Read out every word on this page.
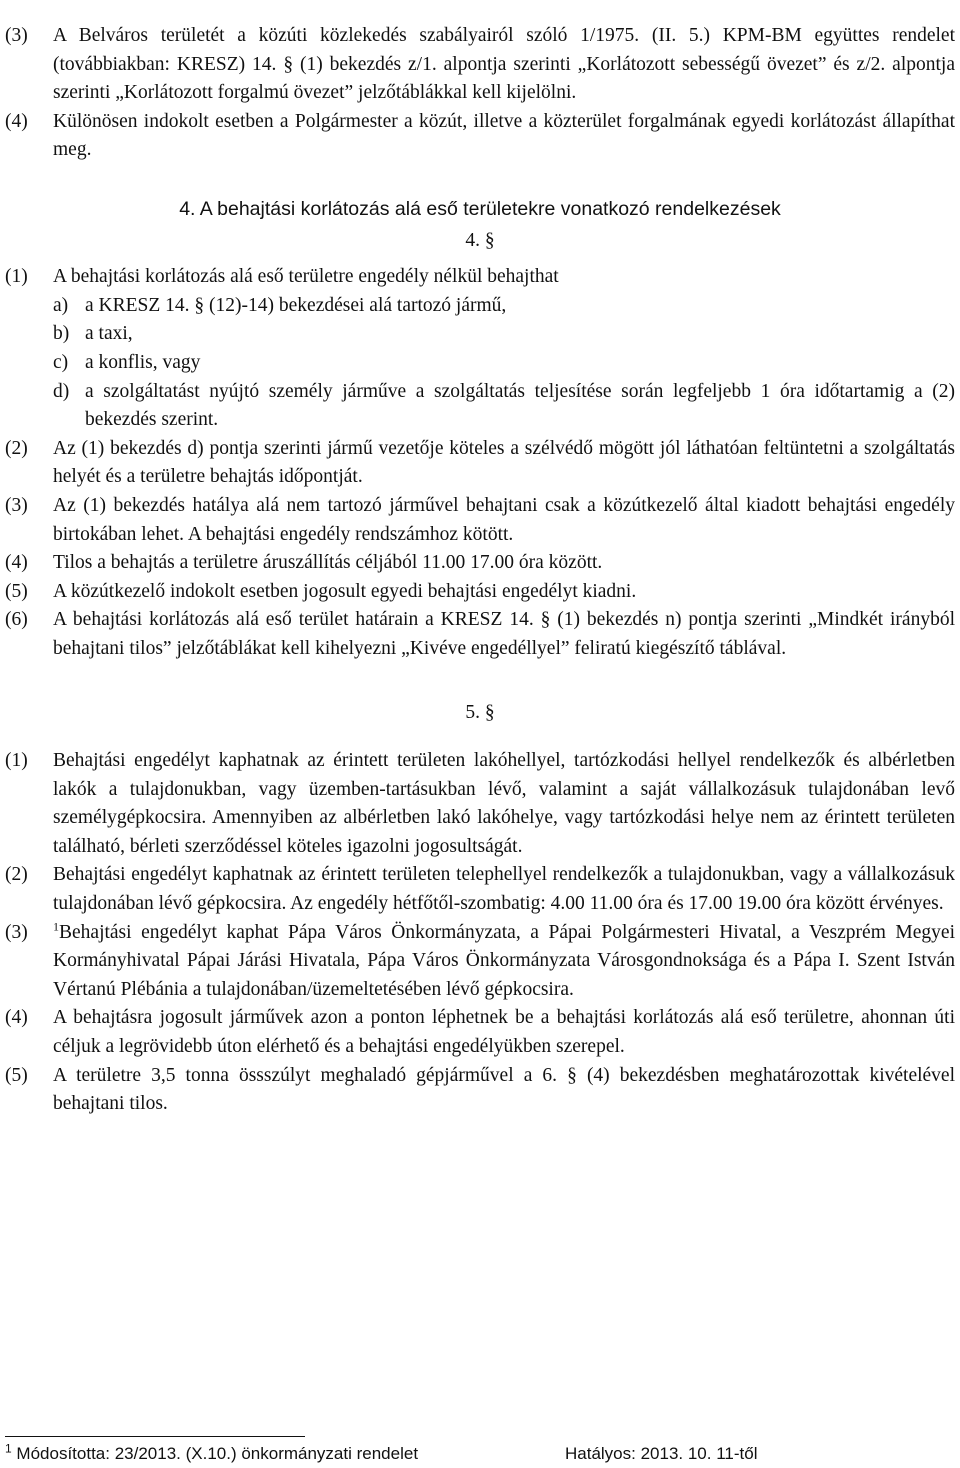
(3)	A Belváros területét a közúti közlekedés szabályairól szóló 1/1975. (II. 5.) KPM-BM együttes rendelet (továbbiakban: KRESZ) 14. § (1) bekezdés z/1. alpontja szerinti „Korlátozott sebességű övezet” és z/2. alpontja szerinti „Korlátozott forgalmú övezet” jelzőtáblákkal kell kijelölni.
(4)	Különösen indokolt esetben a Polgármester a közút, illetve a közterület forgalmának egyedi korlátozást állapíthat meg.
4. A behajtási korlátozás alá eső területekre vonatkozó rendelkezések
4. §
(1)	A behajtási korlátozás alá eső területre engedély nélkül behajthat
a) a KRESZ 14. § (12)-14) bekezdései alá tartozó jármű,
b) a taxi,
c) a konflis, vagy
d) a szolgáltatást nyújtó személy járműve a szolgáltatás teljesítése során legfeljebb 1 óra időtartamig a (2) bekezdés szerint.
(2)	Az (1) bekezdés d) pontja szerinti jármű vezetője köteles a szélvédő mögött jól láthatóan feltüntetni a szolgáltatás helyét és a területre behajtás időpontját.
(3)	Az (1) bekezdés hatálya alá nem tartozó járművel behajtani csak a közútkezelő által kiadott behajtási engedély birtokában lehet. A behajtási engedély rendszámhoz kötött.
(4)	Tilos a behajtás a területre áruszállítás céljából 11.00 17.00 óra között.
(5)	A közútkezelő indokolt esetben jogosult egyedi behajtási engedélyt kiadni.
(6)	A behajtási korlátozás alá eső terület határain a KRESZ 14. § (1) bekezdés n) pontja szerinti „Mindkét irányból behajtani tilos” jelzőtáblákat kell kihelyezni „Kivéve engedéllyel” feliratú kiegészítő táblával.
5. §
(1)	Behajtási engedélyt kaphatnak az érintett területen lakóhellyel, tartózkodási hellyel rendelkezők és albérletben lakók a tulajdonukban, vagy üzemben-tartásukban lévő, valamint a saját vállalkozásuk tulajdonában levő személygépkocsira. Amennyiben az albérletben lakó lakóhelye, vagy tartózkodási helye nem az érintett területen található, bérleti szerződéssel köteles igazolni jogosultságát.
(2)	Behajtási engedélyt kaphatnak az érintett területen telephellyel rendelkezők a tulajdonukban, vagy a vállalkozásuk tulajdonában lévő gépkocsira. Az engedély hétfőtől-szombatig: 4.00 11.00 óra és 17.00 19.00 óra között érvényes.
(3)	$^1$Behajtási engedélyt kaphat Pápa Város Önkormányzata, a Pápai Polgármesteri Hivatal, a Veszprém Megyei Kormányhivatal Pápai Járási Hivatala, Pápa Város Önkormányzata Városgondnoksága és a Pápa I. Szent István Vértanú Plébánia a tulajdonában/üzemeltetésében lévő gépkocsira.
(4)	A behajtásra jogosult járművek azon a ponton léphetnek be a behajtási korlátozás alá eső területre, ahonnan úti céljuk a legrövidebb úton elérhető és a behajtási engedélyükben szerepel.
(5)	A területre 3,5 tonna össszúlyt meghaladó gépjárművel a 6. § (4) bekezdésben meghatározottak kivételével behajtani tilos.
$^1$ Módosította: 23/2013. (X.10.) önkormányzati rendelet	Hatályos: 2013. 10. 11-től
